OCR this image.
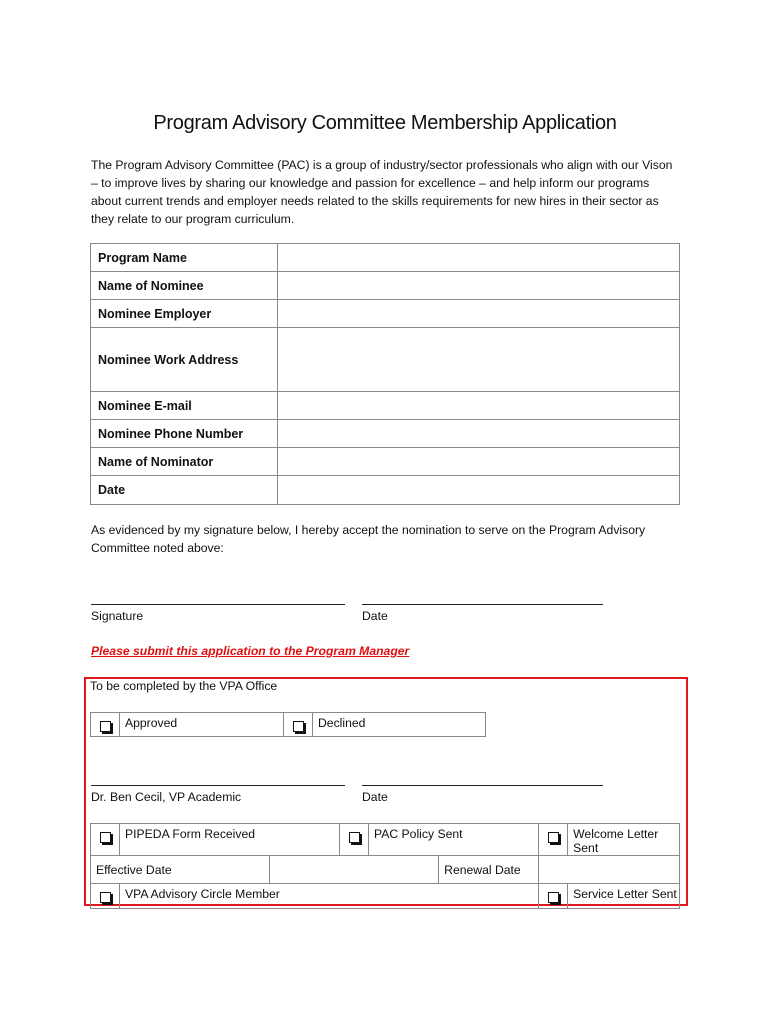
Program Advisory Committee Membership Application
The Program Advisory Committee (PAC) is a group of industry/sector professionals who align with our Vison – to improve lives by sharing our knowledge and passion for excellence – and help inform our programs about current trends and employer needs related to the skills requirements for new hires in their sector as they relate to our program curriculum.
Program Name	
Name of Nominee	
Nominee Employer	
Nominee Work Address	
Nominee E-mail	
Nominee Phone Number	
Name of Nominator	
Date	
As evidenced by my signature below, I hereby accept the nomination to serve on the Program Advisory Committee noted above:
Signature	Date
Please submit this application to the Program Manager
To be completed by the VPA Office
	Approved		Declined
Dr. Ben Cecil, VP Academic	Date
	PIPEDA Form Received			PAC Policy Sent			Welcome Letter Sent
Effective Date					Renewal Date		
	VPA Advisory Circle Member						Service Letter Sent
